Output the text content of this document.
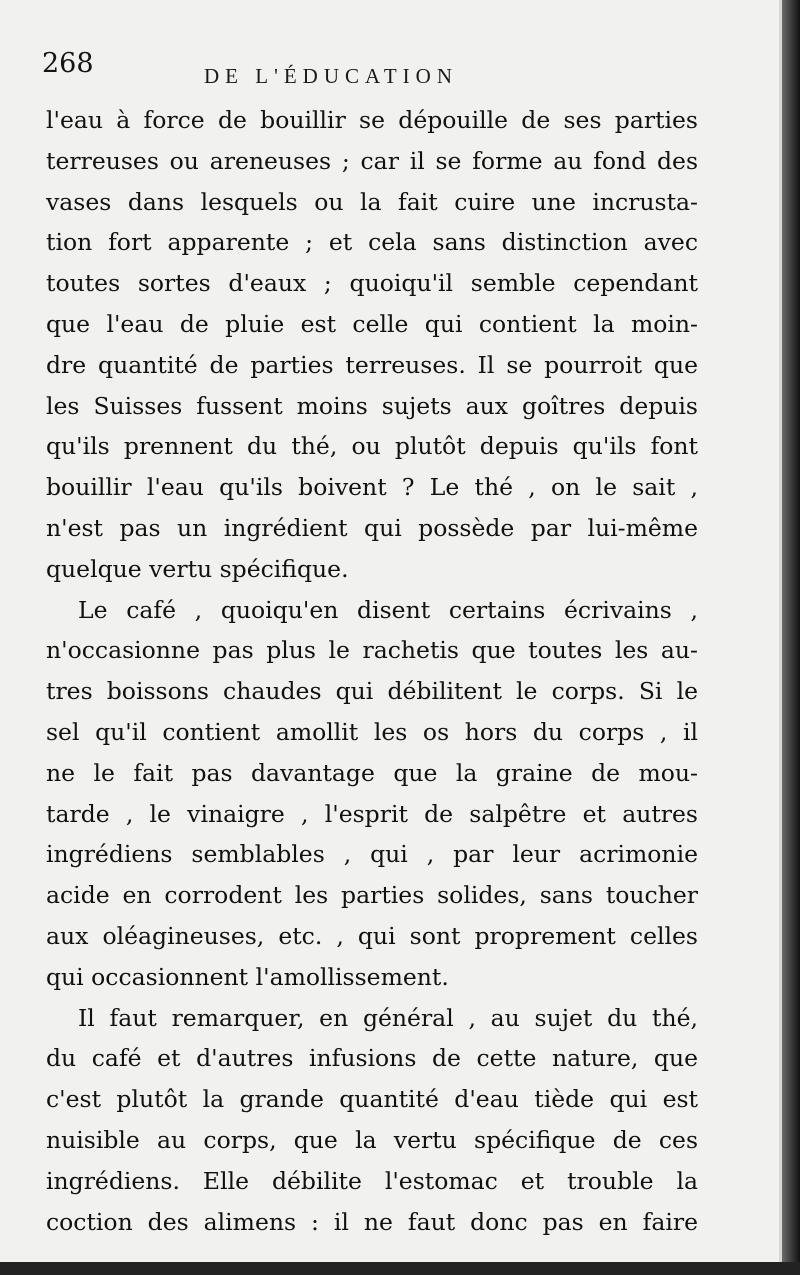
268	DE L'ÉDUCATION
l'eau à force de bouillir se dépouille de ses parties
terreuses ou areneuses ; car il se forme au fond des
vases dans lesquels ou la fait cuire une incrusta-
tion fort apparente ; et cela sans distinction avec
toutes sortes d'eaux ; quoiqu'il semble cependant
que l'eau de pluie est celle qui contient la moin-
dre quantité de parties terreuses. Il se pourroit que
les Suisses fussent moins sujets aux goîtres depuis
qu'ils prennent du thé, ou plutôt depuis qu'ils font
bouillir l'eau qu'ils boivent ? Le thé , on le sait ,
n'est pas un ingrédient qui possède par lui-même
quelque vertu spécifique.
Le café , quoiqu'en disent certains écrivains ,
n'occasionne pas plus le rachetis que toutes les au-
tres boissons chaudes qui débilitent le corps. Si le
sel qu'il contient amollit les os hors du corps , il
ne le fait pas davantage que la graine de mou-
tarde , le vinaigre , l'esprit de salpêtre et autres
ingrédiens semblables , qui , par leur acrimonie
acide en corrodent les parties solides, sans toucher
aux oléagineuses, etc. , qui sont proprement celles
qui occasionnent l'amollissement.
Il faut remarquer, en général , au sujet du thé,
du café et d'autres infusions de cette nature, que
c'est plutôt la grande quantité d'eau tiède qui est
nuisible au corps, que la vertu spécifique de ces
ingrédiens. Elle débilite l'estomac et trouble la
coction des alimens : il ne faut donc pas en faire
